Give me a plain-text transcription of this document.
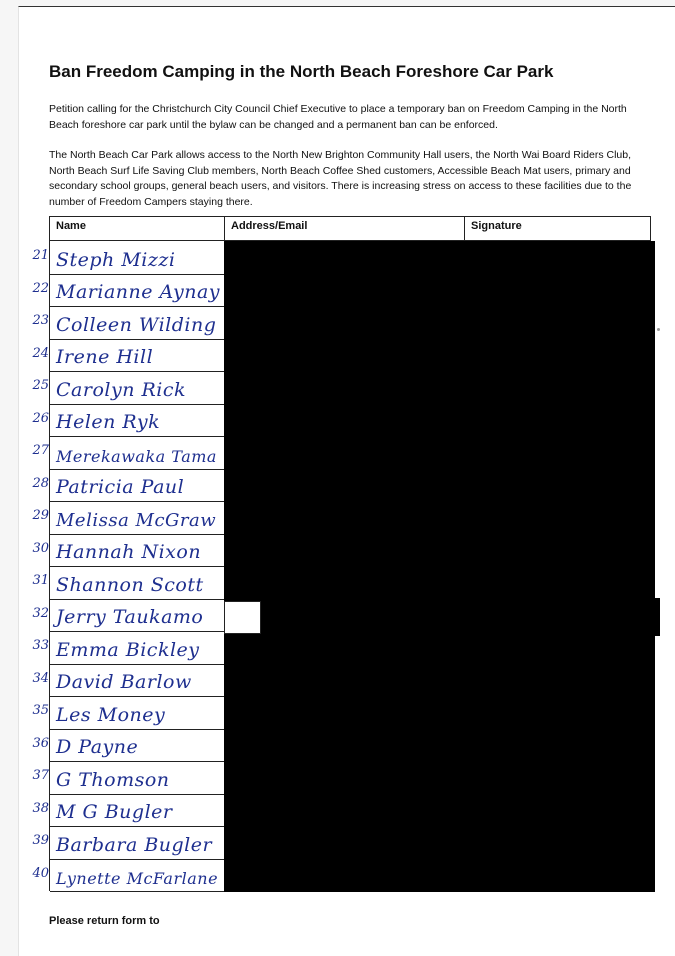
Ban Freedom Camping in the North Beach Foreshore Car Park

Petition calling for the Christchurch City Council Chief Executive to place a temporary ban on Freedom Camping in the North Beach foreshore car park until the bylaw can be changed and a permanent ban can be enforced.

The North Beach Car Park allows access to the North New Brighton Community Hall users, the North Wai Board Riders Club, North Beach Surf Life Saving Club members, North Beach Coffee Shed customers, Accessible Beach Mat users, primary and secondary school groups, general beach users, and visitors. There is increasing stress on access to these facilities due to the number of Freedom Campers staying there.

Name	Address/Email	Signature
21 Steph Mizzi
22 Marianne Aynay
23 Colleen Wilding
24 Irene Hill
25 Carolyn Rick
26 Helen Ryk
27 Merekawaka Tama
28 Patricia Paul
29 Melissa McGraw
30 Hannah Nixon
31 Shannon Scott
32 Jerry Taukamo
33 Emma Bickley
34 David Barlow
35 Les Money
36 D Payne
37 G Thomson
38 M G Bugler
39 Barbara Bugler
40 Lynette McFarlane
Please return form to
